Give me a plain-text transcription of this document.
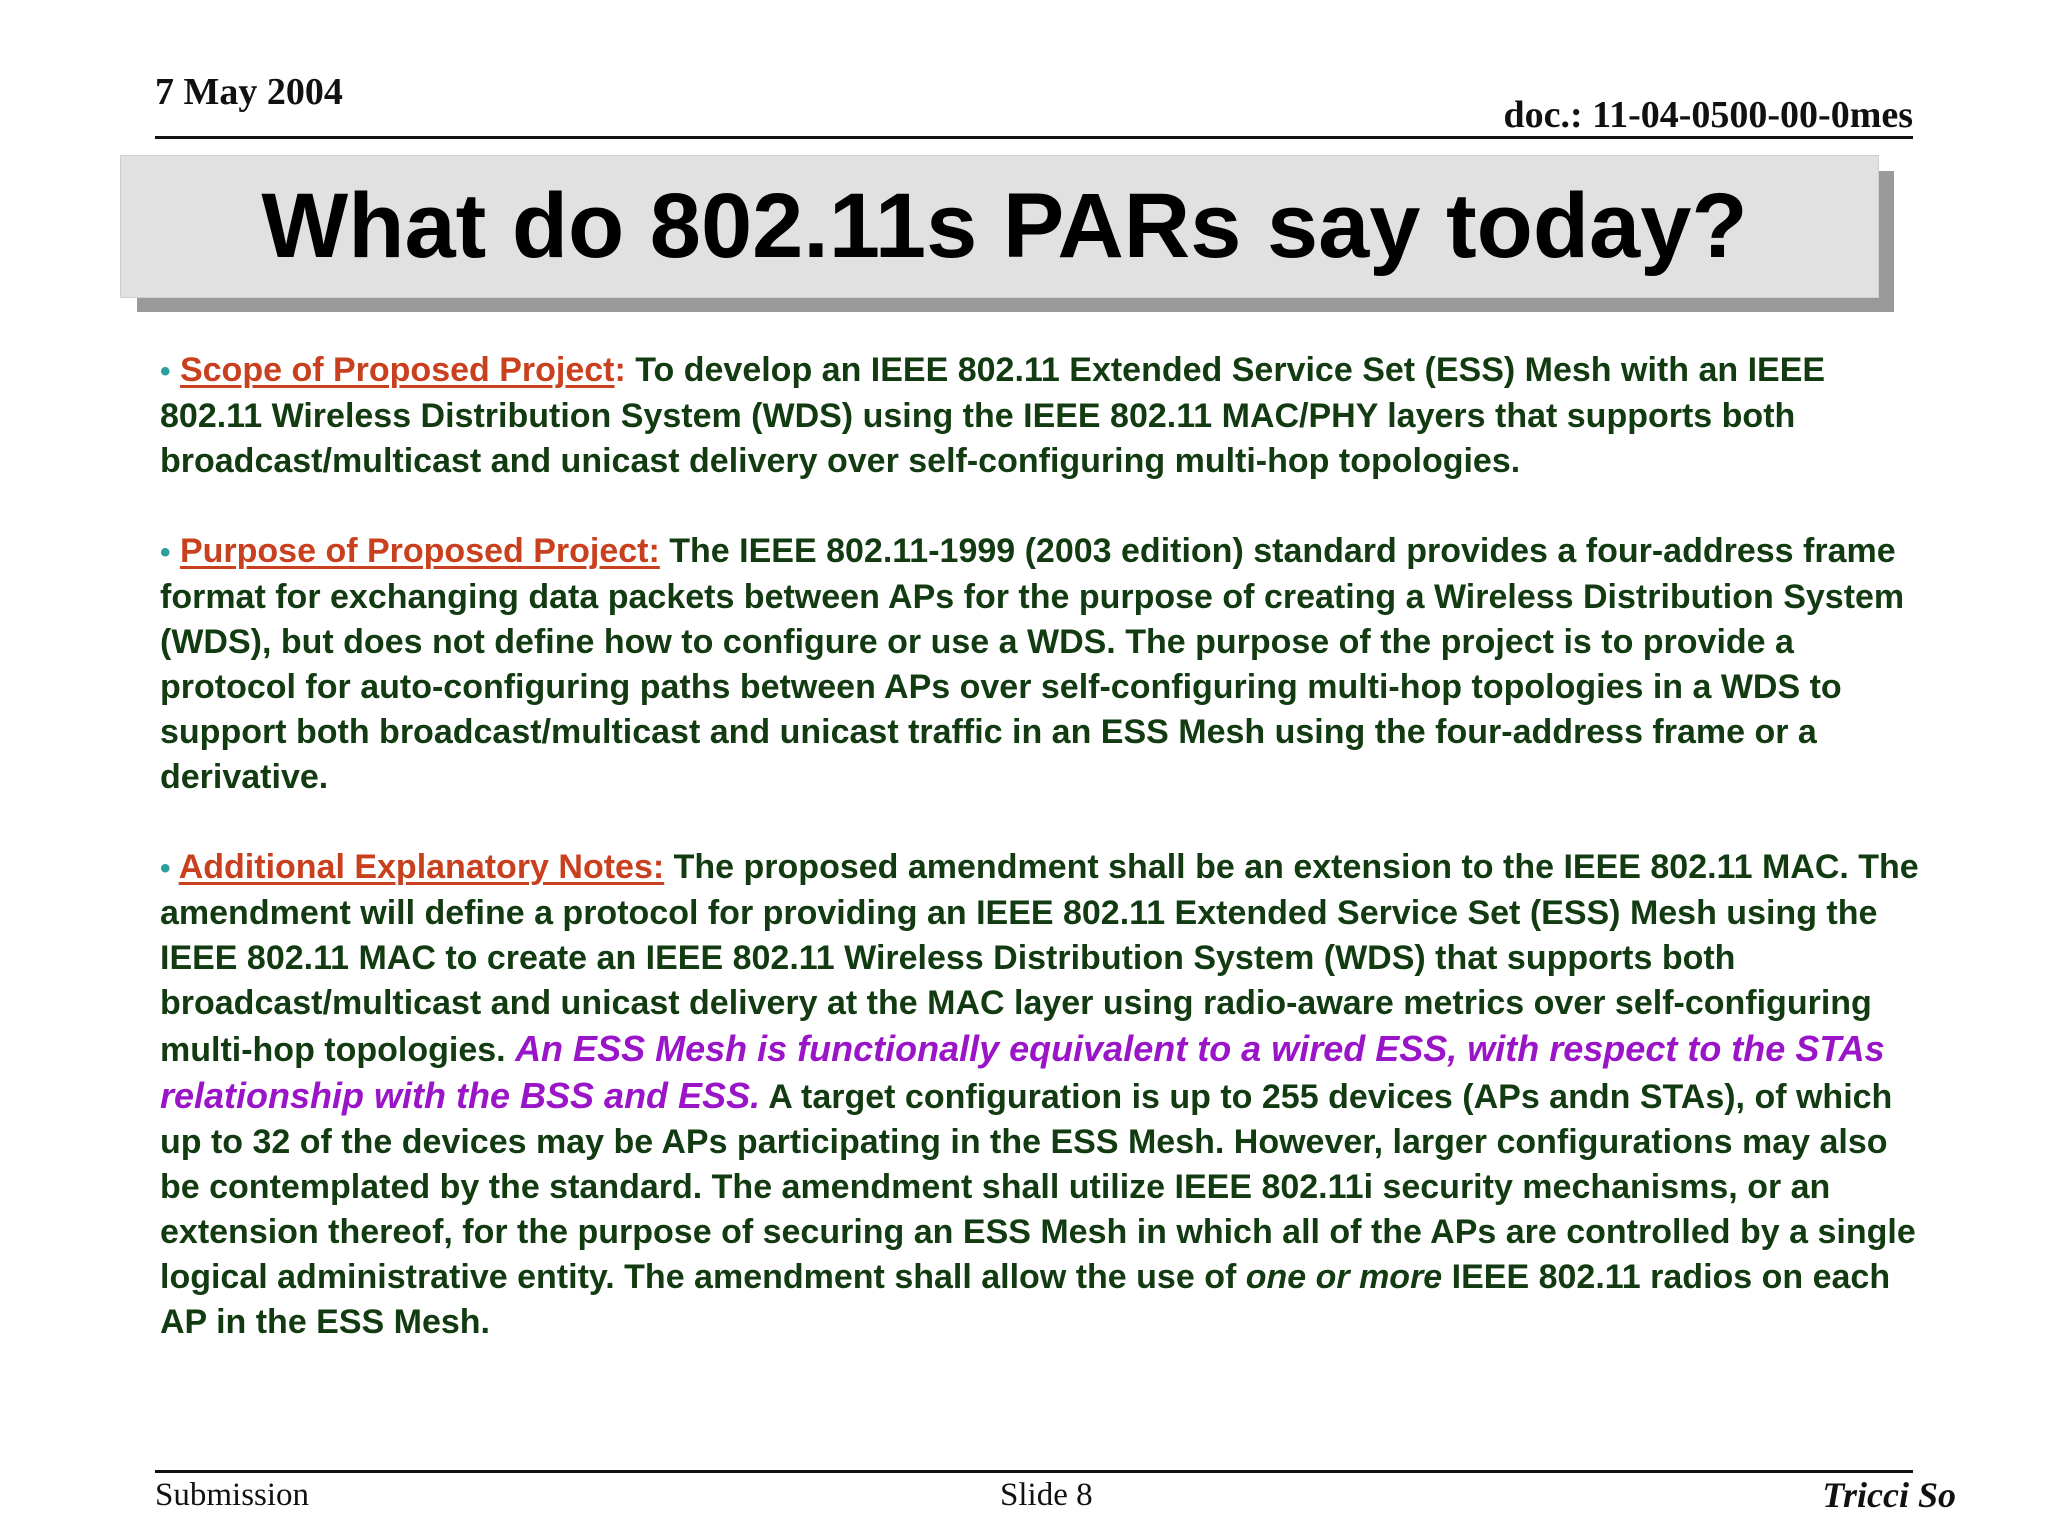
7 May 2004
doc.: 11-04-0500-00-0mes
What do 802.11s PARs say today?

• Scope of Proposed Project: To develop an IEEE 802.11 Extended Service Set (ESS) Mesh with an IEEE 802.11 Wireless Distribution System (WDS) using the IEEE 802.11 MAC/PHY layers that supports both broadcast/multicast and unicast delivery over self-configuring multi-hop topologies.

• Purpose of Proposed Project: The IEEE 802.11-1999 (2003 edition) standard provides a four-address frame format for exchanging data packets between APs for the purpose of creating a Wireless Distribution System (WDS), but does not define how to configure or use a WDS. The purpose of the project is to provide a protocol for auto-configuring paths between APs over self-configuring multi-hop topologies in a WDS to support both broadcast/multicast and unicast traffic in an ESS Mesh using the four-address frame or a derivative.

• Additional Explanatory Notes: The proposed amendment shall be an extension to the IEEE 802.11 MAC. The amendment will define a protocol for providing an IEEE 802.11 Extended Service Set (ESS) Mesh using the IEEE 802.11 MAC to create an IEEE 802.11 Wireless Distribution System (WDS) that supports both broadcast/multicast and unicast delivery at the MAC layer using radio-aware metrics over self-configuring multi-hop topologies. An ESS Mesh is functionally equivalent to a wired ESS, with respect to the STAs relationship with the BSS and ESS. A target configuration is up to 255 devices (APs andn STAs), of which up to 32 of the devices may be APs participating in the ESS Mesh. However, larger configurations may also be contemplated by the standard. The amendment shall utilize IEEE 802.11i security mechanisms, or an extension thereof, for the purpose of securing an ESS Mesh in which all of the APs are controlled by a single logical administrative entity. The amendment shall allow the use of one or more IEEE 802.11 radios on each AP in the ESS Mesh.

Submission	Slide 8	Tricci So
